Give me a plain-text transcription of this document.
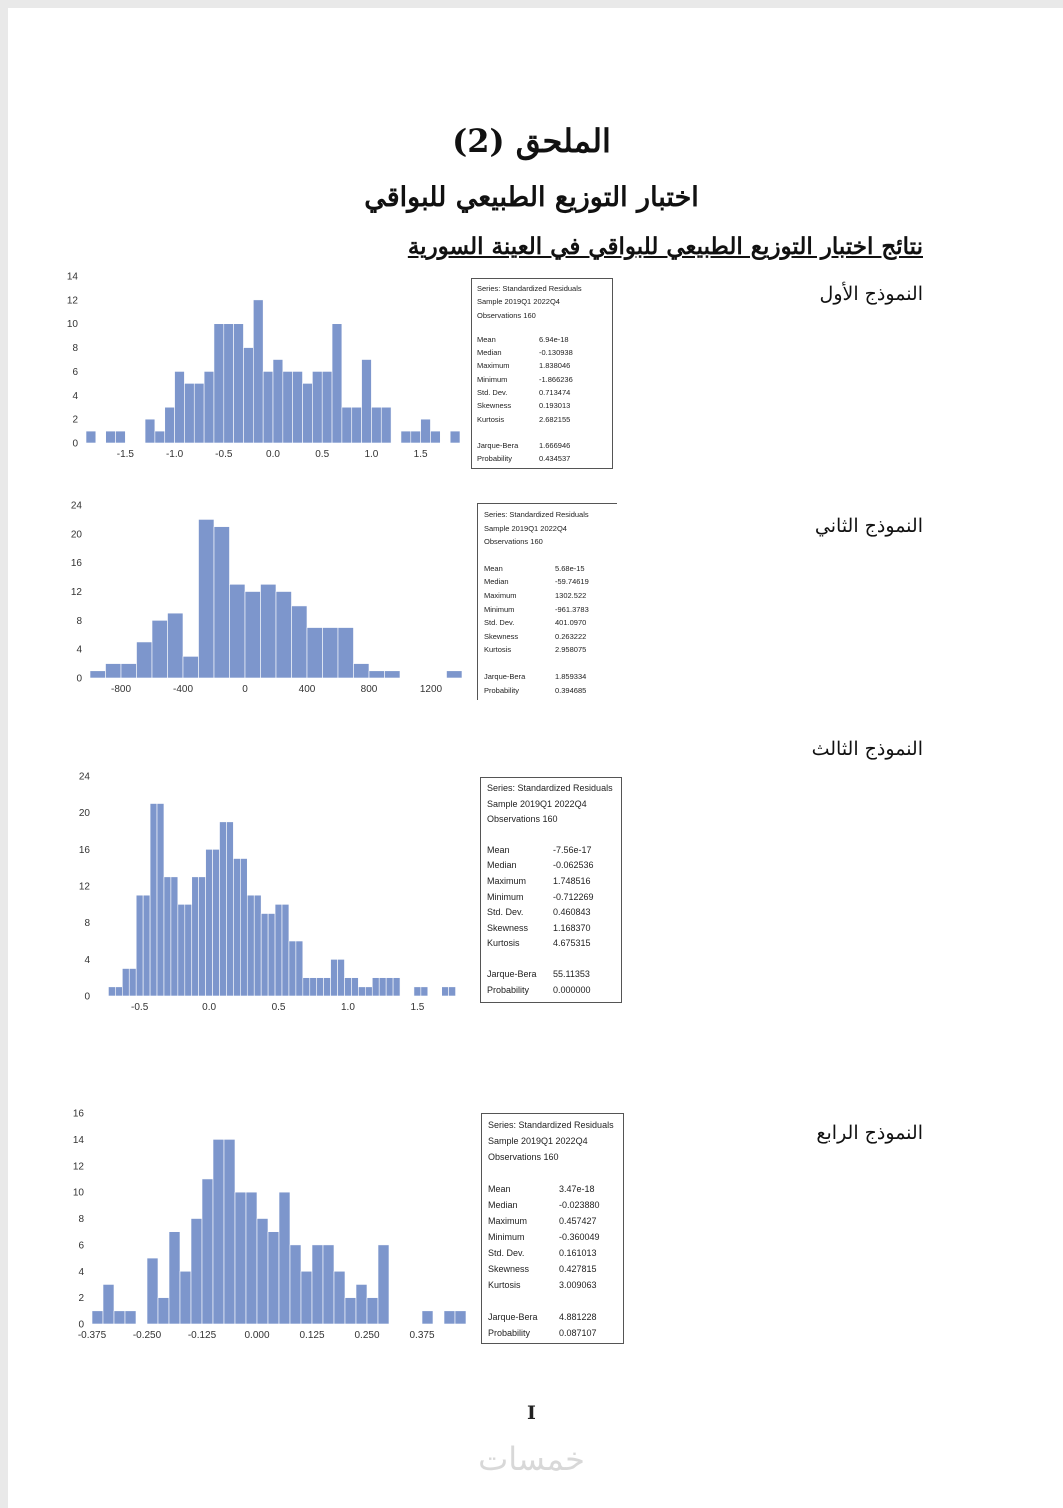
الملحق (2)
اختبار التوزيع الطبيعي للبواقي
نتائج اختبار التوزيع الطبيعي للبواقي في العينة السورية
النموذج الأول
النموذج الثاني
النموذج الثالث
النموذج الرابع
0
2
4
6
8
10
12
14
-1.5	-1.0	-0.5	0.0	0.5	1.0	1.5
0
4
8
12
16
20
24
-800	-400	0	400	800	1200
0
4
8
12
16
20
24
-0.5	0.0	0.5	1.0	1.5
0
2
4
6
8
10
12
14
16
-0.375	-0.250	-0.125	0.000	0.125	0.250	0.375
Series: Standardized Residuals
Sample 2019Q1 2022Q4
Observations 160
Mean	6.94e-18
Median	-0.130938
Maximum	1.838046
Minimum	-1.866236
Std. Dev.	0.713474
Skewness	0.193013
Kurtosis	2.682155
Jarque-Bera	1.666946
Probability	0.434537
Series: Standardized Residuals
Sample 2019Q1 2022Q4
Observations 160
Mean	5.68e-15
Median	-59.74619
Maximum	1302.522
Minimum	-961.3783
Std. Dev.	401.0970
Skewness	0.263222
Kurtosis	2.958075
Jarque-Bera	1.859334
Probability	0.394685
Series: Standardized Residuals
Sample 2019Q1 2022Q4
Observations 160
Mean	-7.56e-17
Median	-0.062536
Maximum	1.748516
Minimum	-0.712269
Std. Dev.	0.460843
Skewness	1.168370
Kurtosis	4.675315
Jarque-Bera	55.11353
Probability	0.000000
Series: Standardized Residuals
Sample 2019Q1 2022Q4
Observations 160
Mean	3.47e-18
Median	-0.023880
Maximum	0.457427
Minimum	-0.360049
Std. Dev.	0.161013
Skewness	0.427815
Kurtosis	3.009063
Jarque-Bera	4.881228
Probability	0.087107
I
خمسات
